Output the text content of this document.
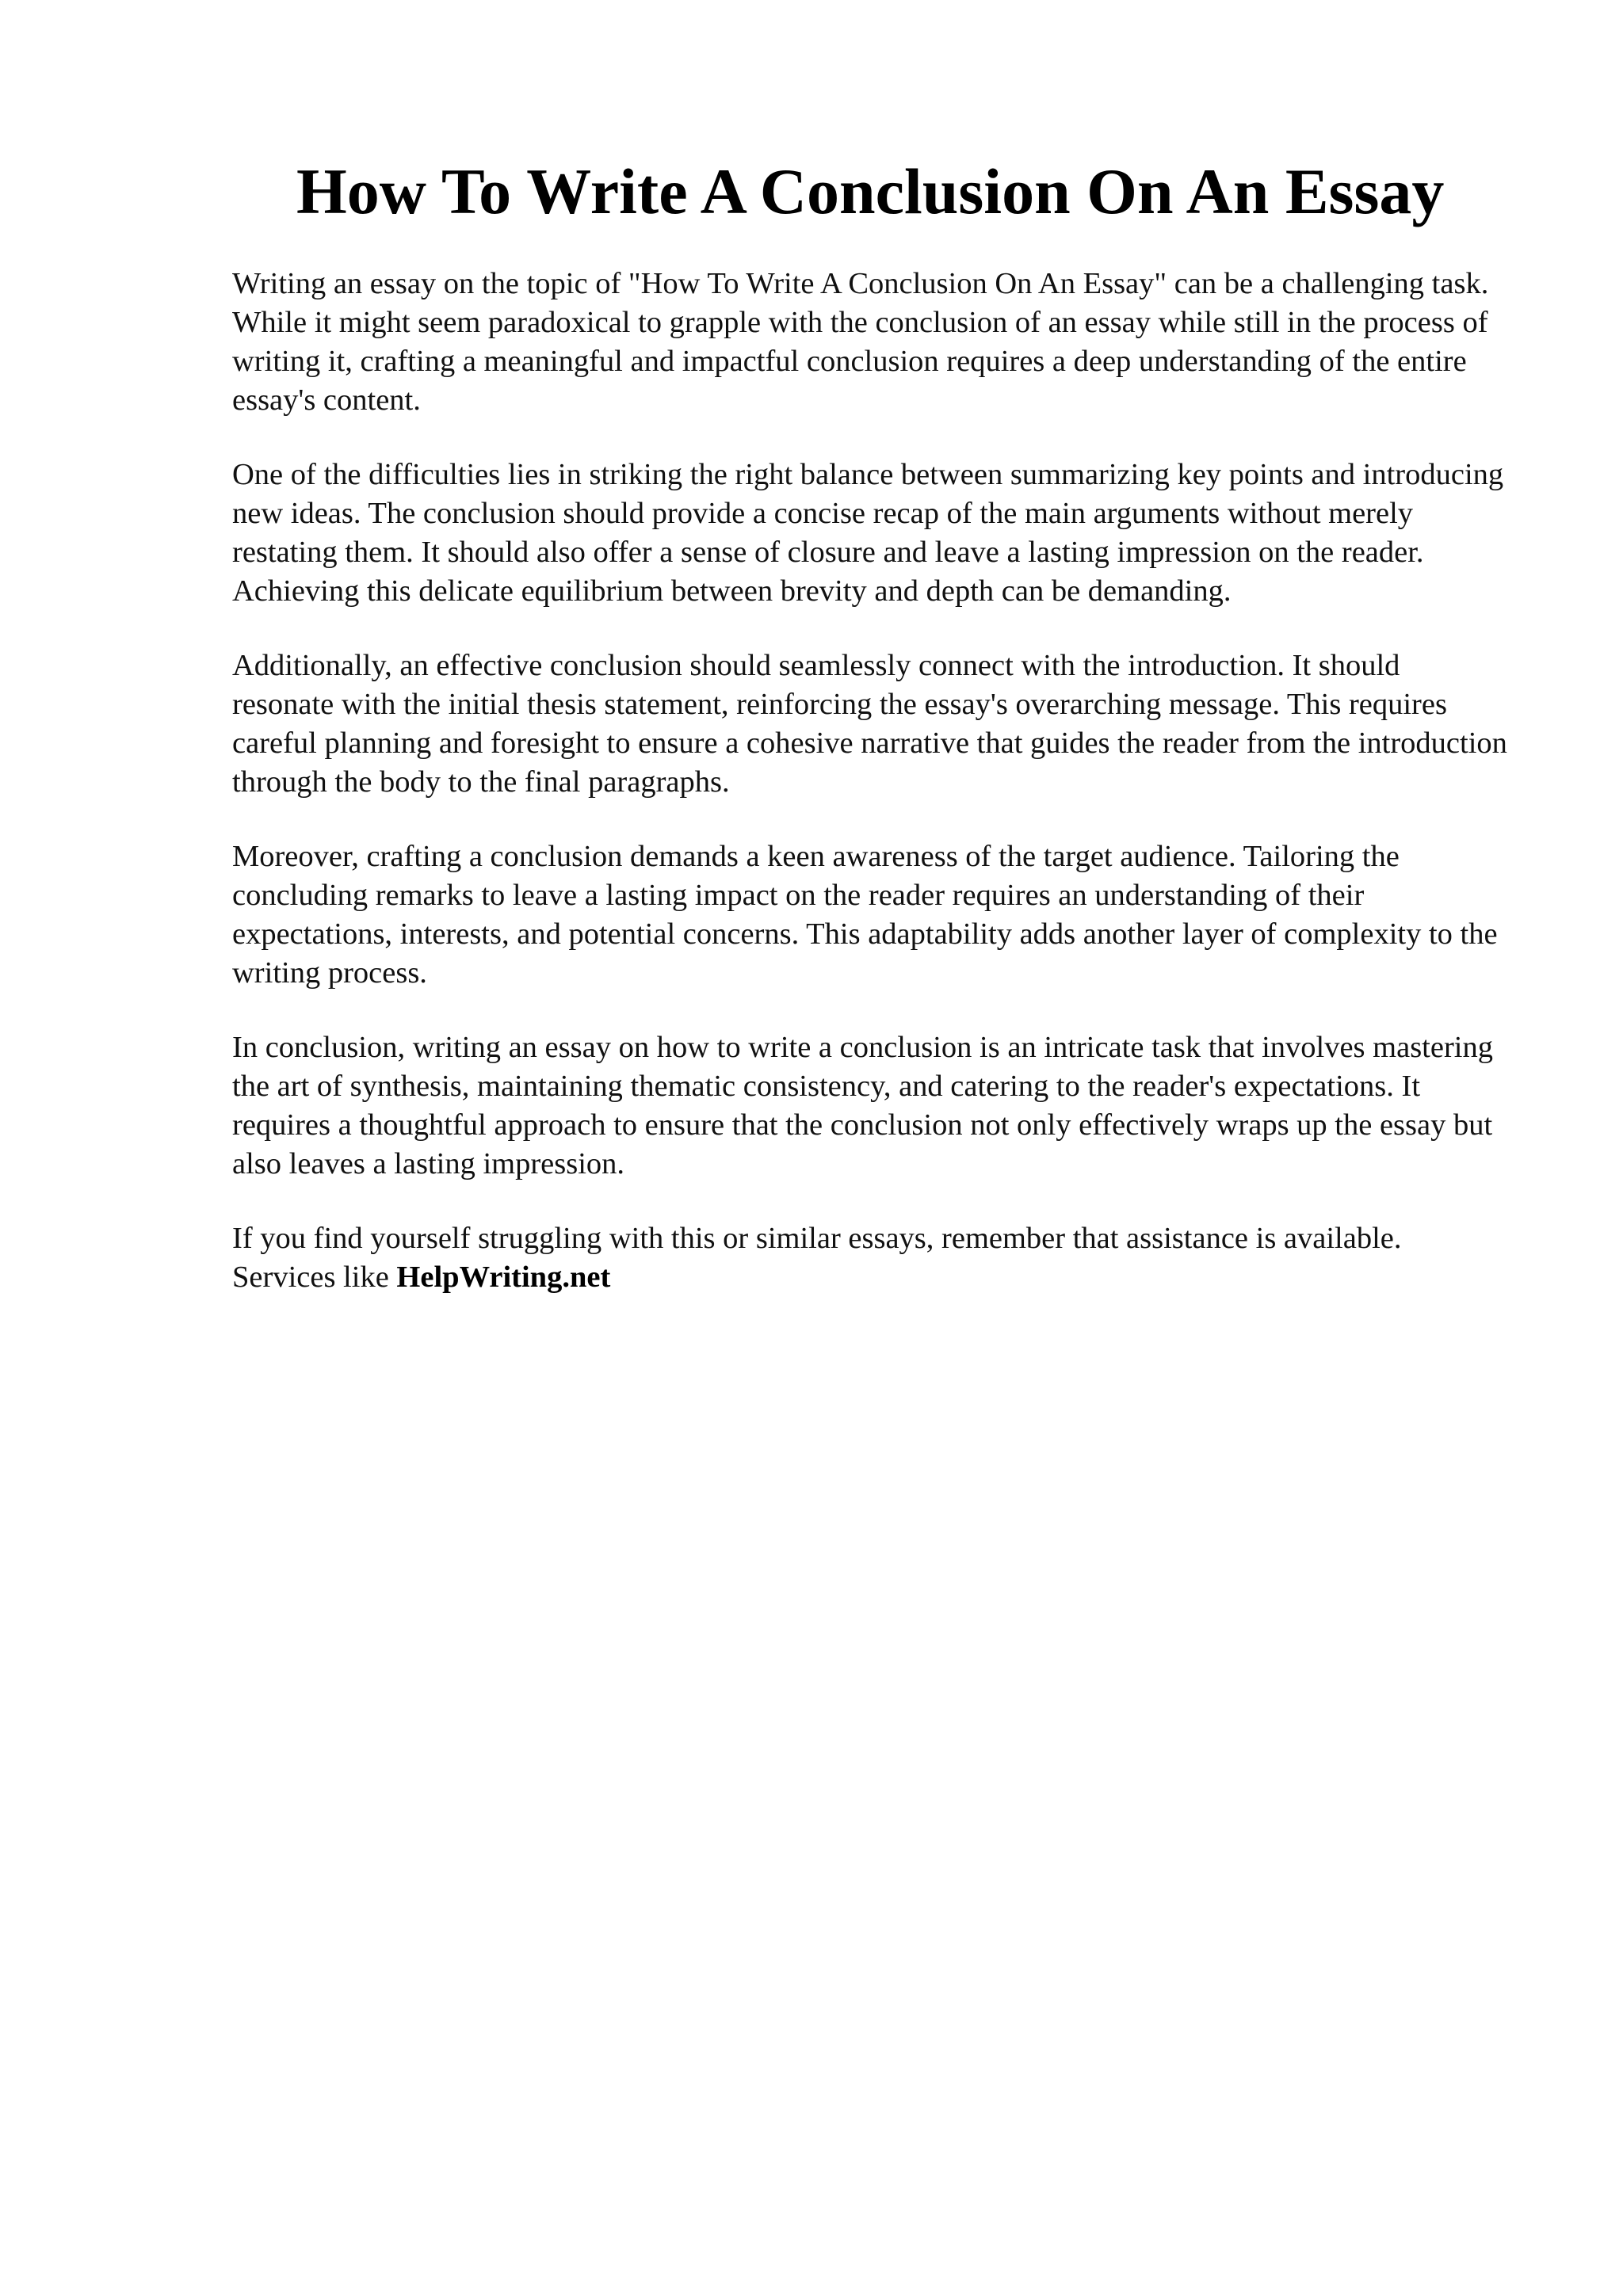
How To Write A Conclusion On An Essay

Writing an essay on the topic of "How To Write A Conclusion On An Essay" can be a challenging task. While it might seem paradoxical to grapple with the conclusion of an essay while still in the process of writing it, crafting a meaningful and impactful conclusion requires a deep understanding of the entire essay's content.

One of the difficulties lies in striking the right balance between summarizing key points and introducing new ideas. The conclusion should provide a concise recap of the main arguments without merely restating them. It should also offer a sense of closure and leave a lasting impression on the reader. Achieving this delicate equilibrium between brevity and depth can be demanding.

Additionally, an effective conclusion should seamlessly connect with the introduction. It should resonate with the initial thesis statement, reinforcing the essay's overarching message. This requires careful planning and foresight to ensure a cohesive narrative that guides the reader from the introduction through the body to the final paragraphs.

Moreover, crafting a conclusion demands a keen awareness of the target audience. Tailoring the concluding remarks to leave a lasting impact on the reader requires an understanding of their expectations, interests, and potential concerns. This adaptability adds another layer of complexity to the writing process.

In conclusion, writing an essay on how to write a conclusion is an intricate task that involves mastering the art of synthesis, maintaining thematic consistency, and catering to the reader's expectations. It requires a thoughtful approach to ensure that the conclusion not only effectively wraps up the essay but also leaves a lasting impression.

If you find yourself struggling with this or similar essays, remember that assistance is available. Services like HelpWriting.net
